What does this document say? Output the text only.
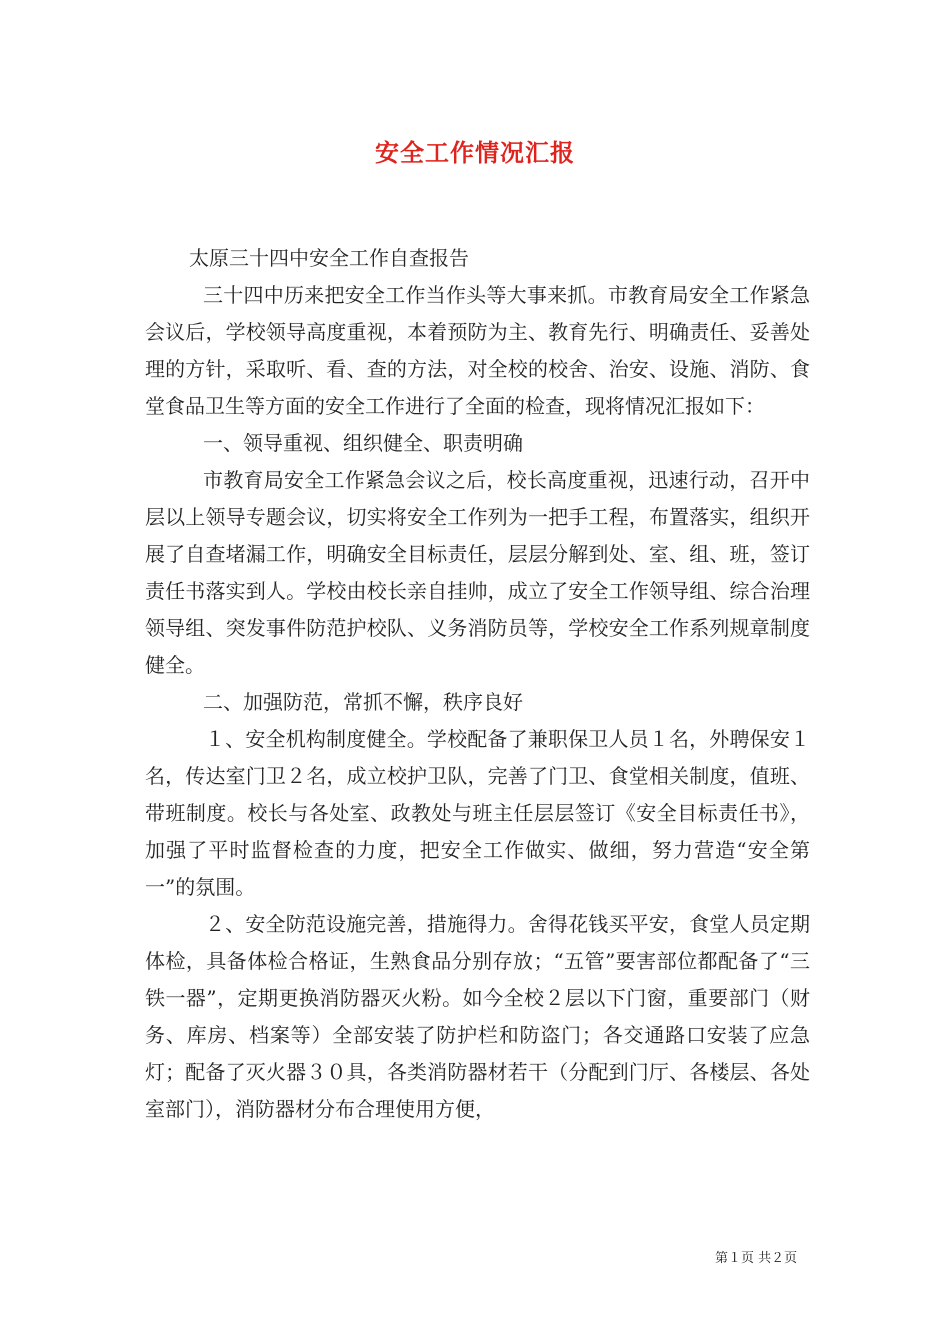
安全工作情况汇报

太原三十四中安全工作自查报告

三十四中历来把安全工作当作头等大事来抓。市教育局安全工作紧急会议后，学校领导高度重视，本着预防为主、教育先行、明确责任、妥善处理的方针，采取听、看、查的方法，对全校的校舍、治安、设施、消防、食堂食品卫生等方面的安全工作进行了全面的检查，现将情况汇报如下：

一、领导重视、组织健全、职责明确

市教育局安全工作紧急会议之后，校长高度重视，迅速行动，召开中层以上领导专题会议，切实将安全工作列为一把手工程，布置落实，组织开展了自查堵漏工作，明确安全目标责任，层层分解到处、室、组、班，签订责任书落实到人。学校由校长亲自挂帅，成立了安全工作领导组、综合治理领导组、突发事件防范护校队、义务消防员等，学校安全工作系列规章制度健全。

二、加强防范，常抓不懈，秩序良好

１、安全机构制度健全。学校配备了兼职保卫人员１名，外聘保安１名，传达室门卫２名，成立校护卫队，完善了门卫、食堂相关制度，值班、带班制度。校长与各处室、政教处与班主任层层签订《安全目标责任书》，加强了平时监督检查的力度，把安全工作做实、做细，努力营造“安全第一”的氛围。

２、安全防范设施完善，措施得力。舍得花钱买平安，食堂人员定期体检，具备体检合格证，生熟食品分别存放；“五管”要害部位都配备了“三铁一器”，定期更换消防器灭火粉。如今全校２层以下门窗，重要部门（财务、库房、档案等）全部安装了防护栏和防盗门；各交通路口安装了应急灯；配备了灭火器３０具，各类消防器材若干（分配到门厅、各楼层、各处室部门），消防器材分布合理使用方便，

第１页 共２页
